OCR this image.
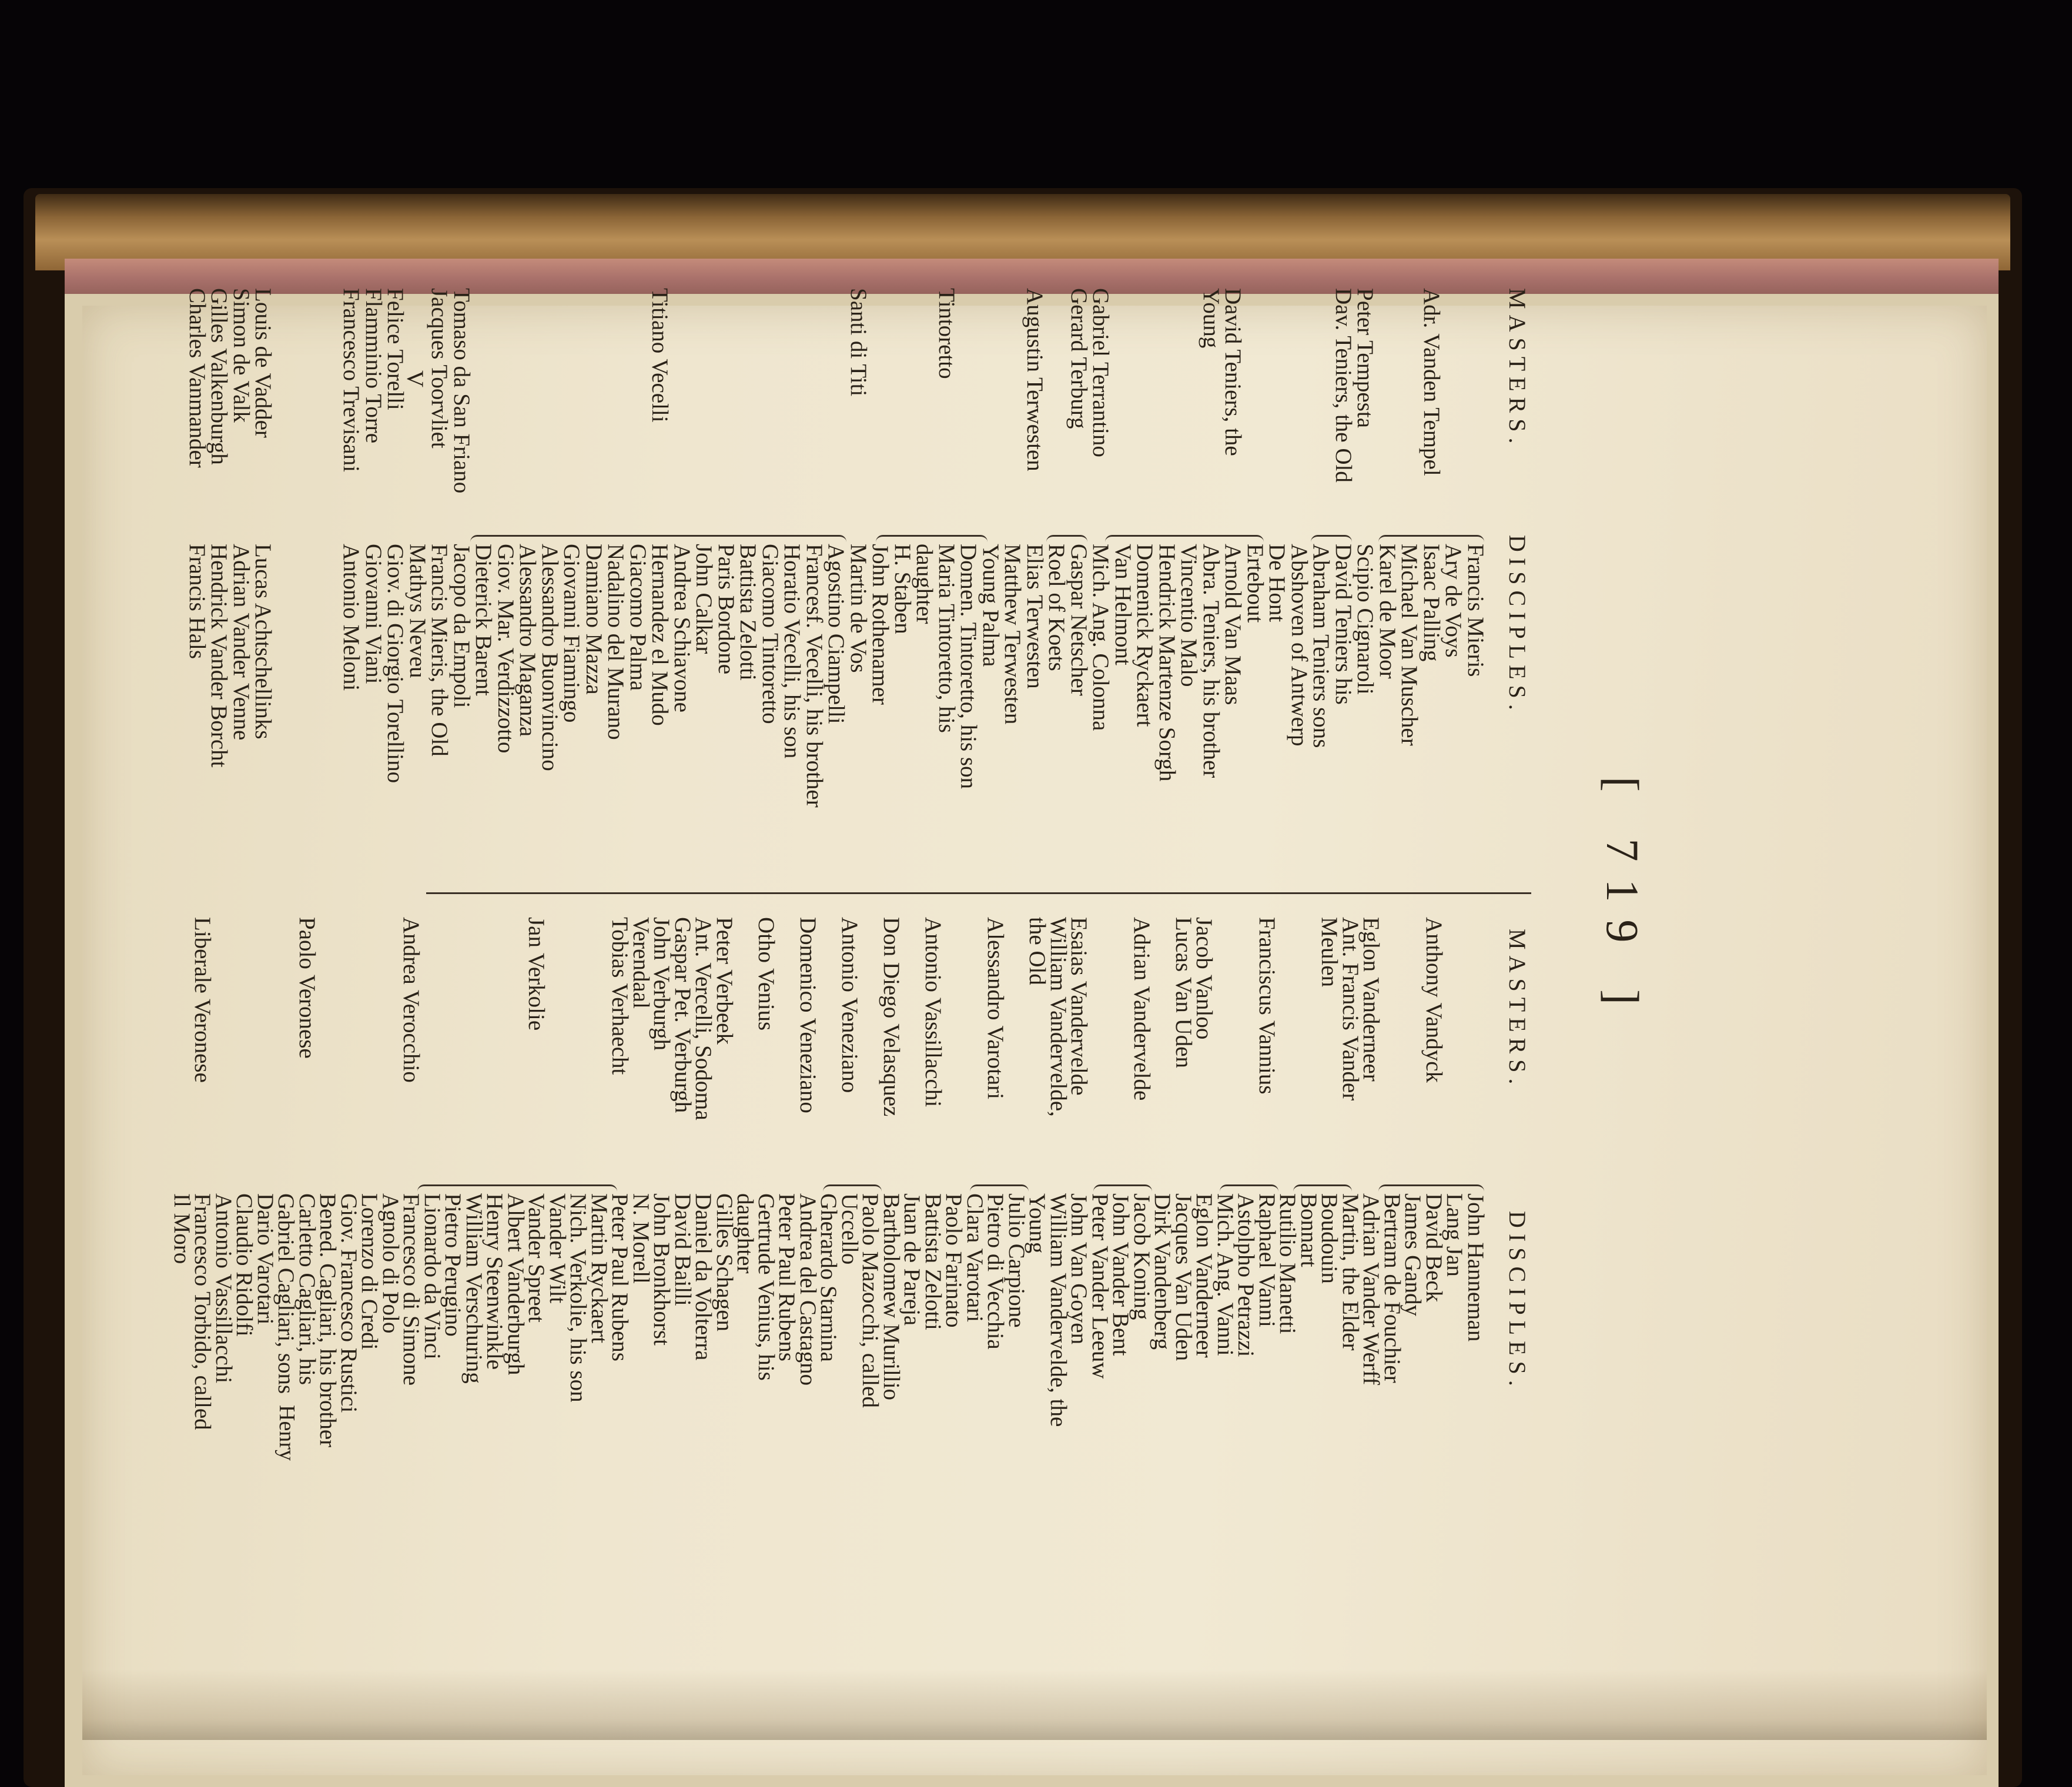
[ 719 ]
MASTERS.
DISCIPLES.
MASTERS.
DISCIPLES.
Francis Mieris
Ary de Voys
Adr. Vanden Tempel
Isaac Palling
Michael Van Muscher
Karel de Moor
Peter Tempesta
Scipio Cignaroli
Dav. Teniers, the Old
David Teniers his
Abraham Teniers sons
Abshoven of Antwerp
De Hont
Ertebout
David Teniers, the
Arnold Van Maas
Young
Abra. Teniers, his brother
Vincentio Malo
Hendrick Martenze Sorgh
Domenick Ryckaert
Van Helmont
Gabriel Terrantino
Mich. Ang. Colonna
Gerard Terburg
Gaspar Netscher
Roel of Koets
Augustin Terwesten
Elias Terwesten
Matthew Terwesten
Young Palma
Domen. Tintoretto, his son
Tintoretto
Maria Tintoretto, his
daughter
H. Staben
John Rothenamer
Santi di Titi
Martin de Vos
Agostino Ciampelli
Francesf. Vecelli, his brother
Horatio Vecelli, his son
Giacomo Tintoretto
Battista Zelotti
Paris Bordone
John Calkar
Andrea Schiavone
Titiano Vecelli
Hernandez el Mudo
Giacomo Palma
Nadalino del Murano
Damiano Mazza
Giovanni Fiamingo
Alessandro Buonvincino
Alessandro Maganza
Giov. Mar. Verdizzotto
Dieterick Barent
Tomaso da San Friano
Jacopo da Empoli
Jacques Toorvliet
Francis Mieris, the Old
Mathys Neveu
Felice Torelli
Giov. di Giorgio Torellino
Flamminio Torre
Giovanni Viani
Francesco Trevisani
Antonio Meloni
Louis de Vadder
Lucas Achtschellinks
Simon de Valk
Adrian Vander Venne
Gilles Valkenburgh
Hendrick Vander Borcht
Charles Vanmander
Francis Hals
John Hanneman
Lang Jan
Anthony Vandyck
David Beck
James Gandy
Bertram de Fouchier
Eglon Vanderneer
Adrian Vander Werff
Ant. Francis Vander
Martin, the Elder
Meulen
Boudouin
Bonnart
Rutilio Manetti
Franciscus Vannius
Raphael Vanni
Astolpho Petrazzi
Mich. Ang. Vanni
Jacob Vanloo
Eglon Vanderneer
Lucas Van Uden
Jacques Van Uden
Dirk Vandenberg
Adrian Vandervelde
Jacob Koning
John Vander Bent
Peter Vander Leeuw
Esaias Vandervelde
John Van Goyen
William Vandervelde,
William Vandervelde, the
the Old
Young
Julio Carpione
Alessandro Varotari
Pietro di Vecchia
Clara Varotari
Paolo Farinato
Antonio Vassillacchi
Battista Zelotti
Juan de Pareja
Don Diego Velasquez
Bartholomew Murillio
Paolo Mazocchi, called
Antonio Veneziano
Uccello
Gherardo Starnina
Domenico Veneziano
Andrea del Castagno
Peter Paul Rubens
Otho Venius
Gertrude Venius, his
daughter
Peter Verbeek
Gilles Schagen
Ant. Vercelli, Sodoma
Daniel da Volterra
Gaspar Pet. Verburgh
David Bailli
John Verburgh
John Bronkhorst
Verendaal
N. Morell
Tobias Verhaecht
Peter Paul Rubens
Martin Ryckaert
Nich. Verkolie, his son
Vander Wilt
Jan Verkolie
Vander Spreet
Albert Vanderburgh
Henry Steenwinkle
William Verschuring
Pietro Perugino
Lionardo da Vinci
Andrea Verocchio
Francesco di Simone
Agnolo di Polo
Lorenzo di Credi
Giov. Francesco Rustici
Bened. Cagliari, his brother
Paolo Veronese
Carletto Cagliari, his
Gabriel Cagliari, sons
Dario Varotari
Claudio Ridolfi
Antonio Vassillacchi
Liberale Veronese
Francesco Torbido, called
Il Moro
V
Henry
